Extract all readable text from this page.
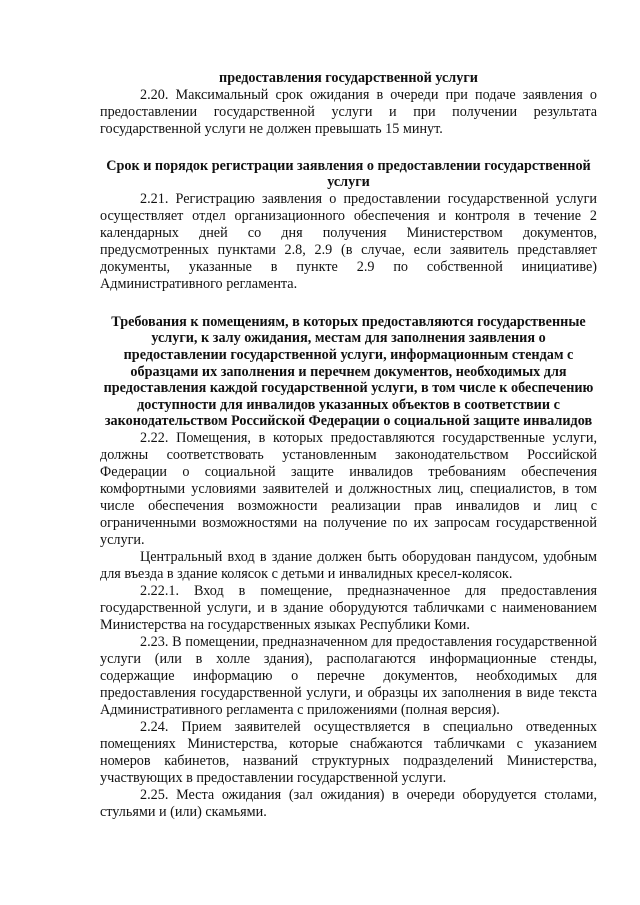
предоставления государственной услуги

2.20. Максимальный срок ожидания в очереди при подаче заявления о предоставлении государственной услуги и при получении результата государственной услуги не должен превышать 15 минут.

Срок и порядок регистрации заявления о предоставлении государственной услуги

2.21. Регистрацию заявления о предоставлении государственной услуги осуществляет отдел организационного обеспечения и контроля в течение 2 календарных дней со дня получения Министерством документов, предусмотренных пунктами 2.8, 2.9 (в случае, если заявитель представляет документы, указанные в пункте 2.9 по собственной инициативе) Административного регламента.

Требования к помещениям, в которых предоставляются государственные услуги, к залу ожидания, местам для заполнения заявления о предоставлении государственной услуги, информационным стендам с образцами их заполнения и перечнем документов, необходимых для предоставления каждой государственной услуги, в том числе к обеспечению доступности для инвалидов указанных объектов в соответствии с законодательством Российской Федерации о социальной защите инвалидов

2.22. Помещения, в которых предоставляются государственные услуги, должны соответствовать установленным законодательством Российской Федерации о социальной защите инвалидов требованиям обеспечения комфортными условиями заявителей и должностных лиц, специалистов, в том числе обеспечения возможности реализации прав инвалидов и лиц с ограниченными возможностями на получение по их запросам государственной услуги.

Центральный вход в здание должен быть оборудован пандусом, удобным для въезда в здание колясок с детьми и инвалидных кресел-колясок.

2.22.1. Вход в помещение, предназначенное для предоставления государственной услуги, и в здание оборудуются табличками с наименованием Министерства на государственных языках Республики Коми.

2.23. В помещении, предназначенном для предоставления государственной услуги (или в холле здания), располагаются информационные стенды, содержащие информацию о перечне документов, необходимых для предоставления государственной услуги, и образцы их заполнения в виде текста Административного регламента с приложениями (полная версия).

2.24. Прием заявителей осуществляется в специально отведенных помещениях Министерства, которые снабжаются табличками с указанием номеров кабинетов, названий структурных подразделений Министерства, участвующих в предоставлении государственной услуги.

2.25. Места ожидания (зал ожидания) в очереди оборудуется столами, стульями и (или) скамьями.
